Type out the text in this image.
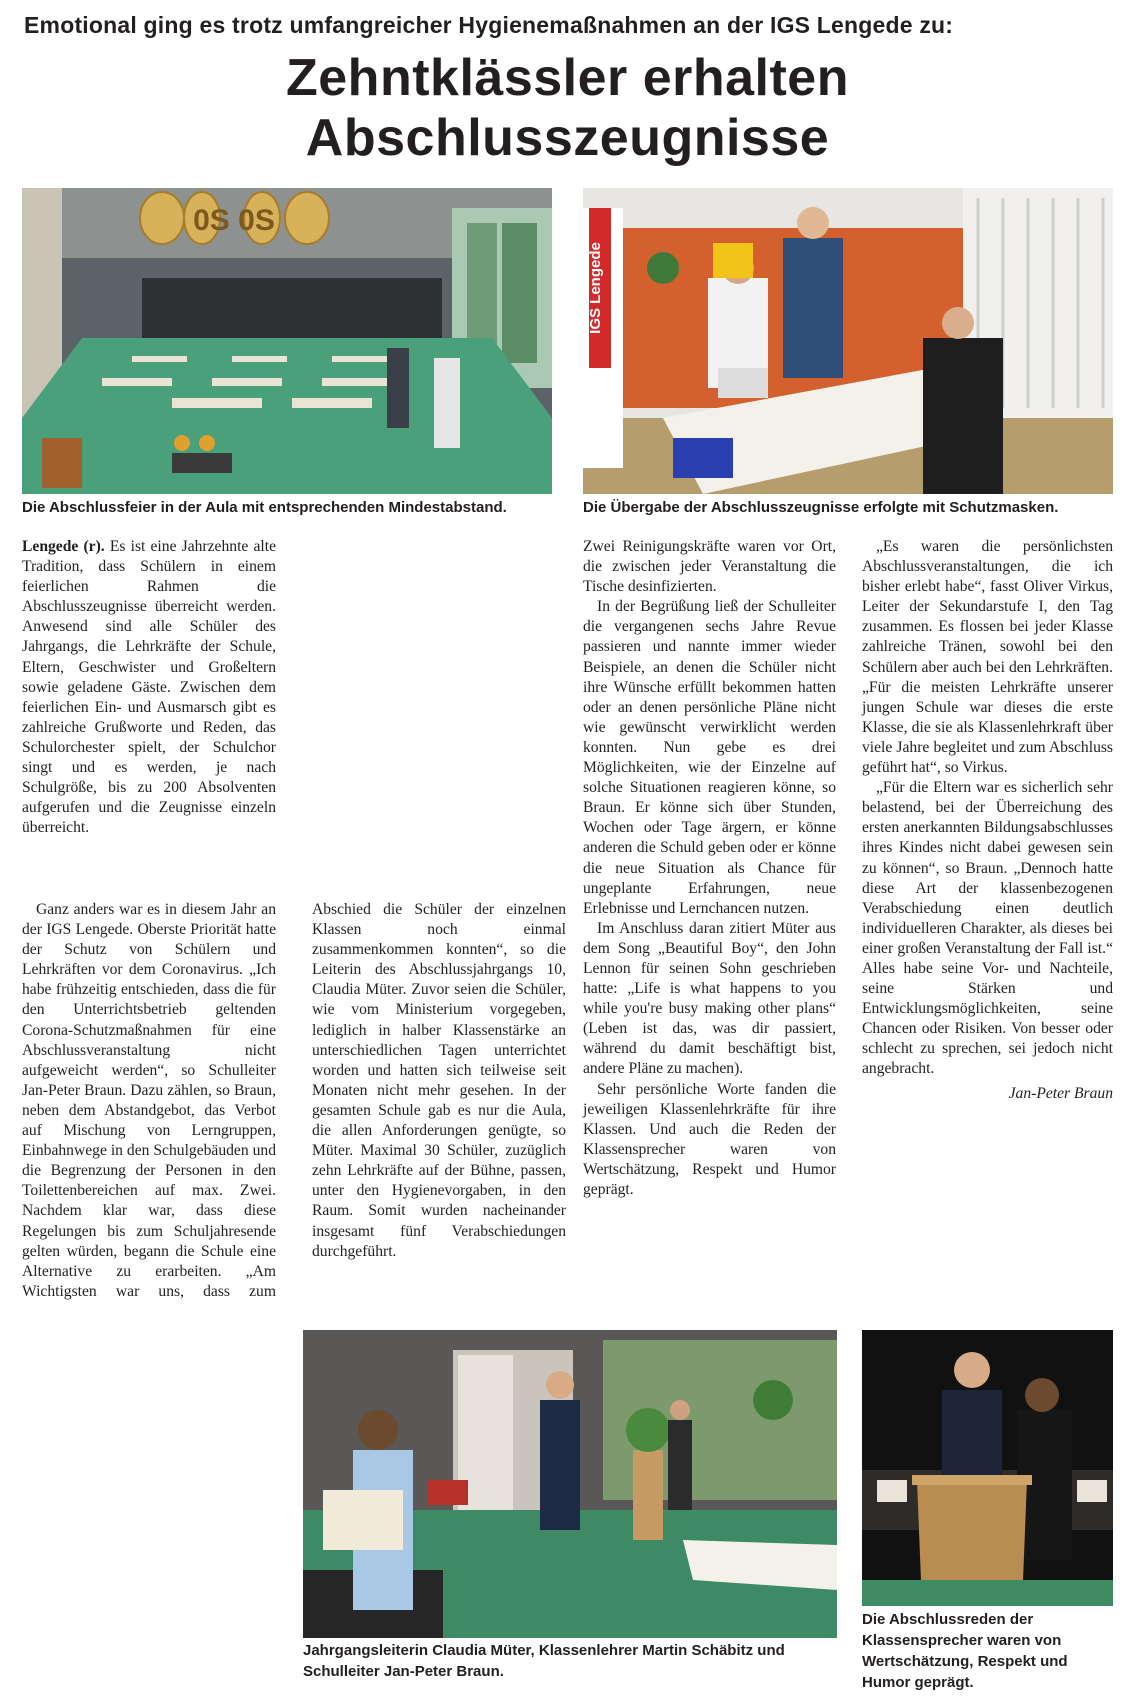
Emotional ging es trotz umfangreicher Hygienemaßnahmen an der IGS Lengede zu:
Zehntklässler erhalten
Abschlusszeugnisse
0S 0S
Die Abschlussfeier in der Aula mit entsprechenden Mindestabstand.
IGS Lengede
Die Übergabe der Abschlusszeugnisse erfolgte mit Schutzmasken.

Lengede (r). Es ist eine Jahrzehnte alte Tradition, dass Schülern in einem feierlichen Rahmen die Abschlusszeugnisse überreicht werden. Anwesend sind alle Schüler des Jahrgangs, die Lehrkräfte der Schule, Eltern, Geschwister und Großeltern sowie geladene Gäste. Zwischen dem feierlichen Ein- und Ausmarsch gibt es zahlreiche Grußworte und Reden, das Schulorchester spielt, der Schulchor singt und es werden, je nach Schulgröße, bis zu 200 Absolventen aufgerufen und die Zeugnisse einzeln überreicht.

Ganz anders war es in diesem Jahr an der IGS Lengede. Oberste Priorität hatte der Schutz von Schülern und Lehrkräften vor dem Coronavirus. „Ich habe frühzeitig entschieden, dass die für den Unterrichtsbetrieb geltenden Corona-Schutzmaßnahmen für eine Abschlussveranstaltung nicht aufgeweicht werden“, so Schulleiter Jan-Peter Braun. Dazu zählen, so Braun, neben dem Abstandgebot, das Verbot auf Mischung von Lerngruppen, Einbahnwege in den Schulgebäuden und die Begrenzung der Personen in den Toilettenbereichen auf max. Zwei. Nachdem klar war, dass diese Regelungen bis zum Schuljahresende gelten würden, begann die Schule eine Alternative zu erarbeiten. „Am Wichtigsten war uns, dass zum Abschied die Schüler der einzelnen Klassen noch einmal zusammenkommen konnten“, so die Leiterin des Abschlussjahrgangs 10, Claudia Müter. Zuvor seien die Schüler, wie vom Ministerium vorgegeben, lediglich in halber Klassenstärke an unterschiedlichen Tagen unterrichtet worden und hatten sich teilweise seit Monaten nicht mehr gesehen. In der gesamten Schule gab es nur die Aula, die allen Anforderungen genügte, so Müter. Maximal 30 Schüler, zuzüglich zehn Lehrkräfte auf der Bühne, passen, unter den Hygienevorgaben, in den Raum. Somit wurden nacheinander insgesamt fünf Verabschiedungen durchgeführt.

Zwei Reinigungskräfte waren vor Ort, die zwischen jeder Veranstaltung die Tische desinfizierten.

In der Begrüßung ließ der Schulleiter die vergangenen sechs Jahre Revue passieren und nannte immer wieder Beispiele, an denen die Schüler nicht ihre Wünsche erfüllt bekommen hatten oder an denen persönliche Pläne nicht wie gewünscht verwirklicht werden konnten. Nun gebe es drei Möglichkeiten, wie der Einzelne auf solche Situationen reagieren könne, so Braun. Er könne sich über Stunden, Wochen oder Tage ärgern, er könne anderen die Schuld geben oder er könne die neue Situation als Chance für ungeplante Erfahrungen, neue Erlebnisse und Lernchancen nutzen.

Im Anschluss daran zitiert Müter aus dem Song „Beautiful Boy“, den John Lennon für seinen Sohn geschrieben hatte: „Life is what happens to you while you're busy making other plans“ (Leben ist das, was dir passiert, während du damit beschäftigt bist, andere Pläne zu machen).

Sehr persönliche Worte fanden die jeweiligen Klassenlehrkräfte für ihre Klassen. Und auch die Reden der Klassensprecher waren von Wertschätzung, Respekt und Humor geprägt.

„Es waren die persönlichsten Abschlussveranstaltungen, die ich bisher erlebt habe“, fasst Oliver Virkus, Leiter der Sekundarstufe I, den Tag zusammen. Es flossen bei jeder Klasse zahlreiche Tränen, sowohl bei den Schülern aber auch bei den Lehrkräften. „Für die meisten Lehrkräfte unserer jungen Schule war dieses die erste Klasse, die sie als Klassenlehrkraft über viele Jahre begleitet und zum Abschluss geführt hat“, so Virkus.

„Für die Eltern war es sicherlich sehr belastend, bei der Überreichung des ersten anerkannten Bildungsabschlusses ihres Kindes nicht dabei gewesen sein zu können“, so Braun. „Dennoch hatte diese Art der klassenbezogenen Verabschiedung einen deutlich individuelleren Charakter, als dieses bei einer großen Veranstaltung der Fall ist.“ Alles habe seine Vor- und Nachteile, seine Stärken und Entwicklungsmöglichkeiten, seine Chancen oder Risiken. Von besser oder schlecht zu sprechen, sei jedoch nicht angebracht.

Jan-Peter Braun
Jahrgangsleiterin Claudia Müter, Klassenlehrer Martin Schäbitz und
Schulleiter Jan-Peter Braun.
Die Abschlussreden der Klassensprecher waren von Wertschätzung, Respekt und Humor geprägt.
